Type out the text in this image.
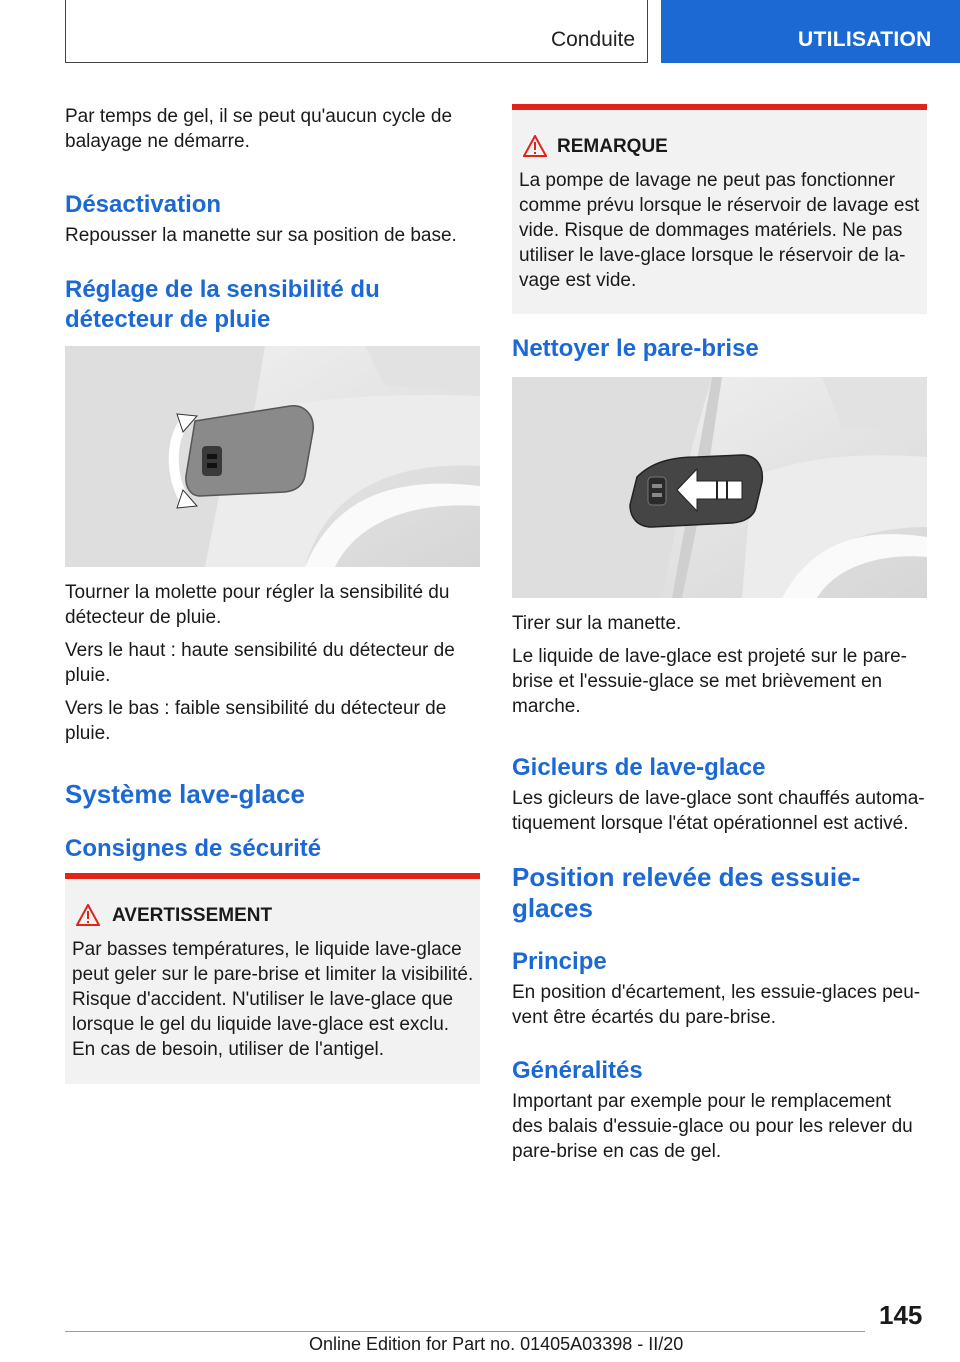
Conduite	UTILISATION

Par temps de gel, il se peut qu'aucun cycle de

balayage ne démarre.

Désactivation

Repousser la manette sur sa position de base.

Réglage de la sensibilité du
détecteur de pluie

Tourner la molette pour régler la sensibilité du

détecteur de pluie.

Vers le haut : haute sensibilité du détecteur de

pluie.

Vers le bas : faible sensibilité du détecteur de

pluie.

Système lave-glace
Consignes de sécurité
AVERTISSEMENT

Par basses températures, le liquide lave-glace

peut geler sur le pare-brise et limiter la visibilité.

Risque d'accident. N'utiliser le lave-glace que

lorsque le gel du liquide lave-glace est exclu.

En cas de besoin, utiliser de l'antigel.

REMARQUE

La pompe de lavage ne peut pas fonctionner

comme prévu lorsque le réservoir de lavage est

vide. Risque de dommages matériels. Ne pas

utiliser le lave-glace lorsque le réservoir de la-

vage est vide.

Nettoyer le pare-brise

Tirer sur la manette.

Le liquide de lave-glace est projeté sur le pare-

brise et l'essuie-glace se met brièvement en

marche.

Gicleurs de lave-glace

Les gicleurs de lave-glace sont chauffés automa-

tiquement lorsque l'état opérationnel est activé.

Position relevée des essuie-
glaces
Principe

En position d'écartement, les essuie-glaces peu-

vent être écartés du pare-brise.

Généralités

Important par exemple pour le remplacement

des balais d'essuie-glace ou pour les relever du

pare-brise en cas de gel.

145
Online Edition for Part no. 01405A03398 - II/20
